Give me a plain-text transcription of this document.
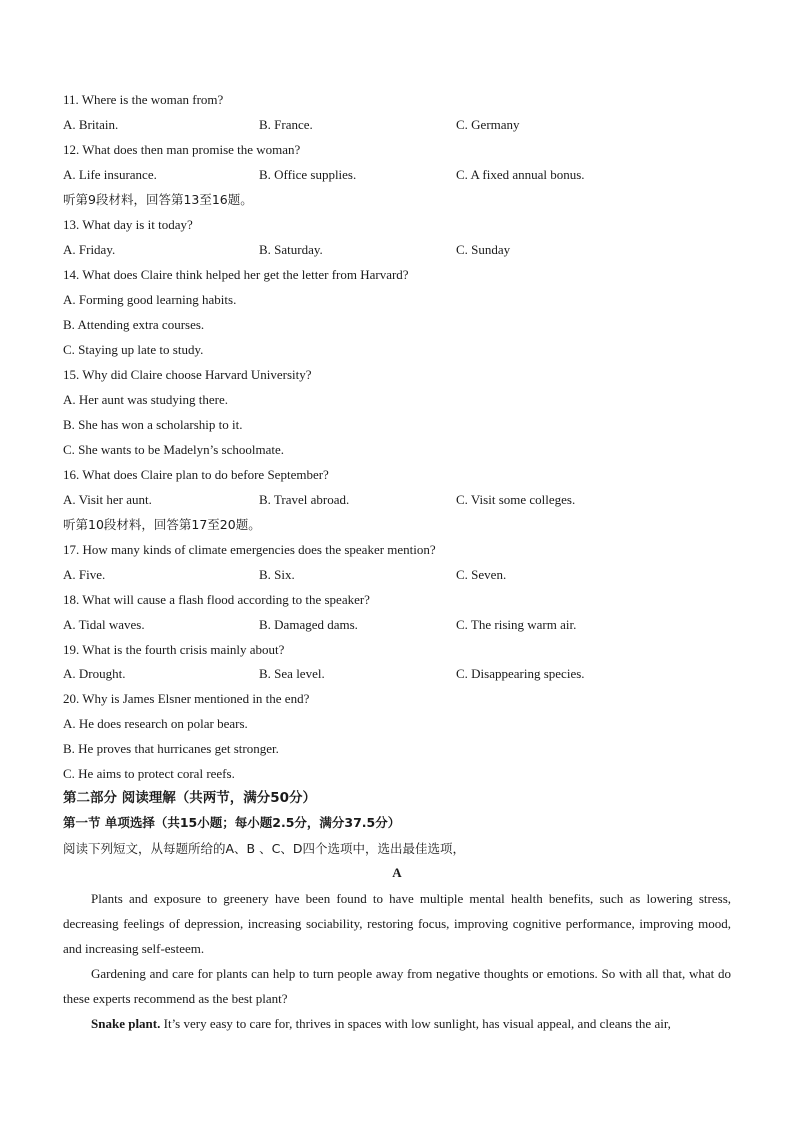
11. Where is the woman from?
A. Britain.	B. France.	C. Germany
12. What does then man promise the woman?
A. Life insurance.	B. Office supplies.	C. A fixed annual bonus.
听第9段材料，回答第13至16题。
13. What day is it today?
A. Friday.	B. Saturday.	C. Sunday
14. What does Claire think helped her get the letter from Harvard?
A. Forming good learning habits.
B. Attending extra courses.
C. Staying up late to study.
15. Why did Claire choose Harvard University?
A. Her aunt was studying there.
B. She has won a scholarship to it.
C. She wants to be Madelyn’s schoolmate.
16. What does Claire plan to do before September?
A. Visit her aunt.	B. Travel abroad.	C. Visit some colleges.
听第10段材料，回答第17至20题。
17. How many kinds of climate emergencies does the speaker mention?
A. Five.	B. Six.	C. Seven.
18. What will cause a flash flood according to the speaker?
A. Tidal waves.	B. Damaged dams.	C. The rising warm air.
19. What is the fourth crisis mainly about?
A. Drought.	B. Sea level.	C. Disappearing species.
20. Why is James Elsner mentioned in the end?
A. He does research on polar bears.
B. He proves that hurricanes get stronger.
C. He aims to protect coral reefs.
第二部分 阅读理解（共两节，满分50分）
第一节 单项选择（共15小题；每小题2.5分，满分37.5分）
阅读下列短文，从每题所给的A、B 、C、D四个选项中，选出最佳选项，
A
Plants and exposure to greenery have been found to have multiple mental health benefits, such as lowering stress, decreasing feelings of depression, increasing sociability, restoring focus, improving cognitive performance, improving mood, and increasing self-esteem.
Gardening and care for plants can help to turn people away from negative thoughts or emotions. So with all that, what do these experts recommend as the best plant?
Snake plant. It’s very easy to care for, thrives in spaces with low sunlight, has visual appeal, and cleans the air,
